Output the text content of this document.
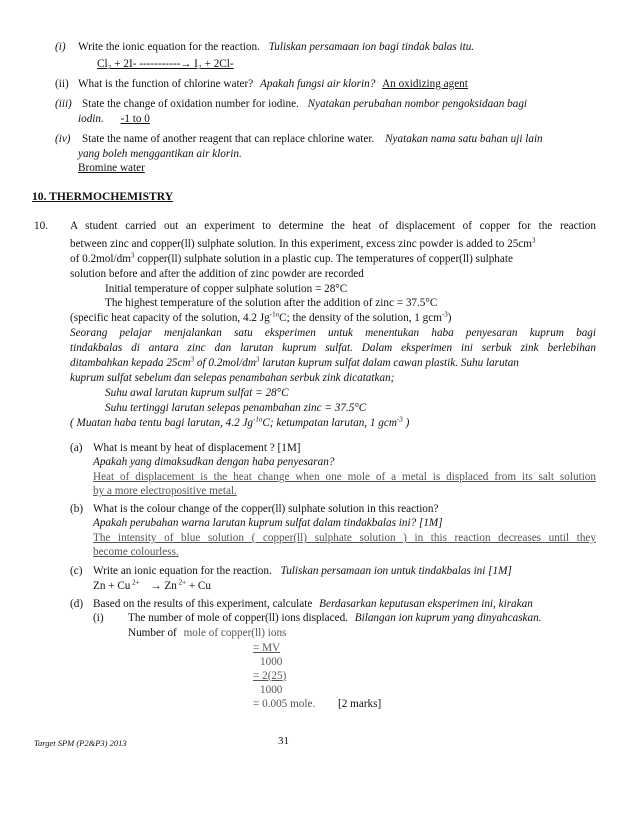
(i) Write the ionic equation for the reaction. Tuliskan persamaan ion bagi tindak balas itu.
Cl₂ + 2I- -----------→ I₂ + 2Cl-
(ii) What is the function of chlorine water? Apakah fungsi air klorin? An oxidizing agent
(iii) State the change of oxidation number for iodine. Nyatakan perubahan nombor pengoksidaan bagi
iodin. -1 to 0
(iv) State the name of another reagent that can replace chlorine water. Nyatakan nama satu bahan uji lain
yang boleh menggantikan air klorin.
Bromine water
10. THERMOCHEMISTRY
10. A student carried out an experiment to determine the heat of displacement of copper for the reaction
between zinc and copper(ll) sulphate solution. In this experiment, excess zinc powder is added to $25cm^3$
of $0.2mol/dm^3$ copper(ll) sulphate solution in a plastic cup. The temperatures of copper(ll) sulphate
solution before and after the addition of zinc powder are recorded
Initial temperature of copper sulphate solution = 28°C
The highest temperature of the solution after the addition of zinc = 37.5°C
(specific heat capacity of the solution, 4.2 $Jg^{-1o}C$; the density of the solution, 1 gcm$^{-3}$)
Seorang pelajar menjalankan satu eksperimen untuk menentukan haba penyesaran kuprum bagi
tindakbalas di antara zinc dan larutan kuprum sulfat. Dalam eksperimen ini serbuk zink berlebihan
ditambahkan kepada $25cm^3$ of $0.2mol/dm^3$ larutan kuprum sulfat dalam cawan plastik. Suhu larutan
kuprum sulfat sebelum dan selepas penambahan serbuk zink dicatatkan;
Suhu awal larutan kuprum sulfat = 28°C
Suhu tertinggi larutan selepas penambahan zinc = 37.5°C
( Muatan haba tentu bagi larutan, 4.2 $Jg^{-1o}C$; ketumpatan larutan, 1 gcm$^{-3}$ )
(a) What is meant by heat of displacement ? [1M]
Apakah yang dimaksudkan dengan haba penyesaran?
Heat of displacement is the heat change when one mole of a metal is displaced from its salt solution
by a more electropositive metal.
(b) What is the colour change of the copper(ll) sulphate solution in this reaction?
Apakah perubahan warna larutan kuprum sulfat dalam tindakbalas ini? [1M]
The intensity of blue solution ( copper(ll) sulphate solution ) in this reaction decreases until they
become colourless.
(c) Write an ionic equation for the reaction. Tuliskan persamaan ion untuk tindakbalas ini [1M]
Zn + Cu $^{2+}$ → Zn $^{2+}$ + Cu
(d) Based on the results of this experiment, calculate Berdasarkan keputusan eksperimen ini, kirakan
(i) The number of mole of copper(ll) ions displaced. Bilangan ion kuprum yang dinyahcaskan.
Number of mole of copper(ll) ions
= MV
1000
= 2(25)
1000
= 0.005 mole. [2 marks]
Target SPM (P2&P3) 2013	31
